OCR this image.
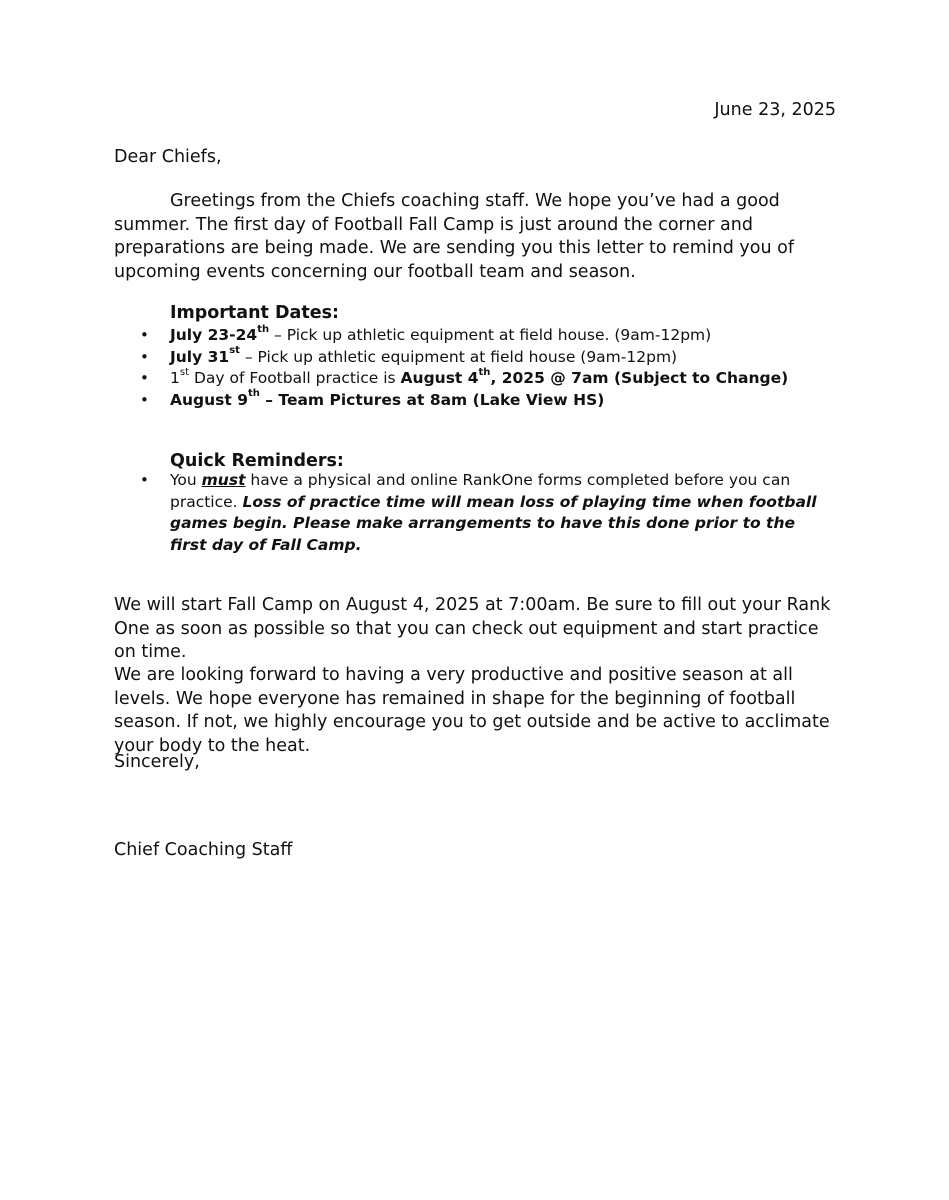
June 23, 2025
Dear Chiefs,

Greetings from the Chiefs coaching staff. We hope you’ve had a good summer. The first day of Football Fall Camp is just around the corner and preparations are being made. We are sending you this letter to remind you of upcoming events concerning our football team and season.

Important Dates:
• July 23-24th – Pick up athletic equipment at field house. (9am-12pm)
• July 31st – Pick up athletic equipment at field house (9am-12pm)
• 1st Day of Football practice is August 4th, 2025 @ 7am (Subject to Change)
• August 9th – Team Pictures at 8am (Lake View HS)
Quick Reminders:
• You must have a physical and online RankOne forms completed before you can practice. Loss of practice time will mean loss of playing time when football games begin. Please make arrangements to have this done prior to the first day of Fall Camp.

We will start Fall Camp on August 4, 2025 at 7:00am. Be sure to fill out your Rank One as soon as possible so that you can check out equipment and start practice on time.

We are looking forward to having a very productive and positive season at all levels. We hope everyone has remained in shape for the beginning of football season. If not, we highly encourage you to get outside and be active to acclimate your body to the heat.

Sincerely,
Chief Coaching Staff
